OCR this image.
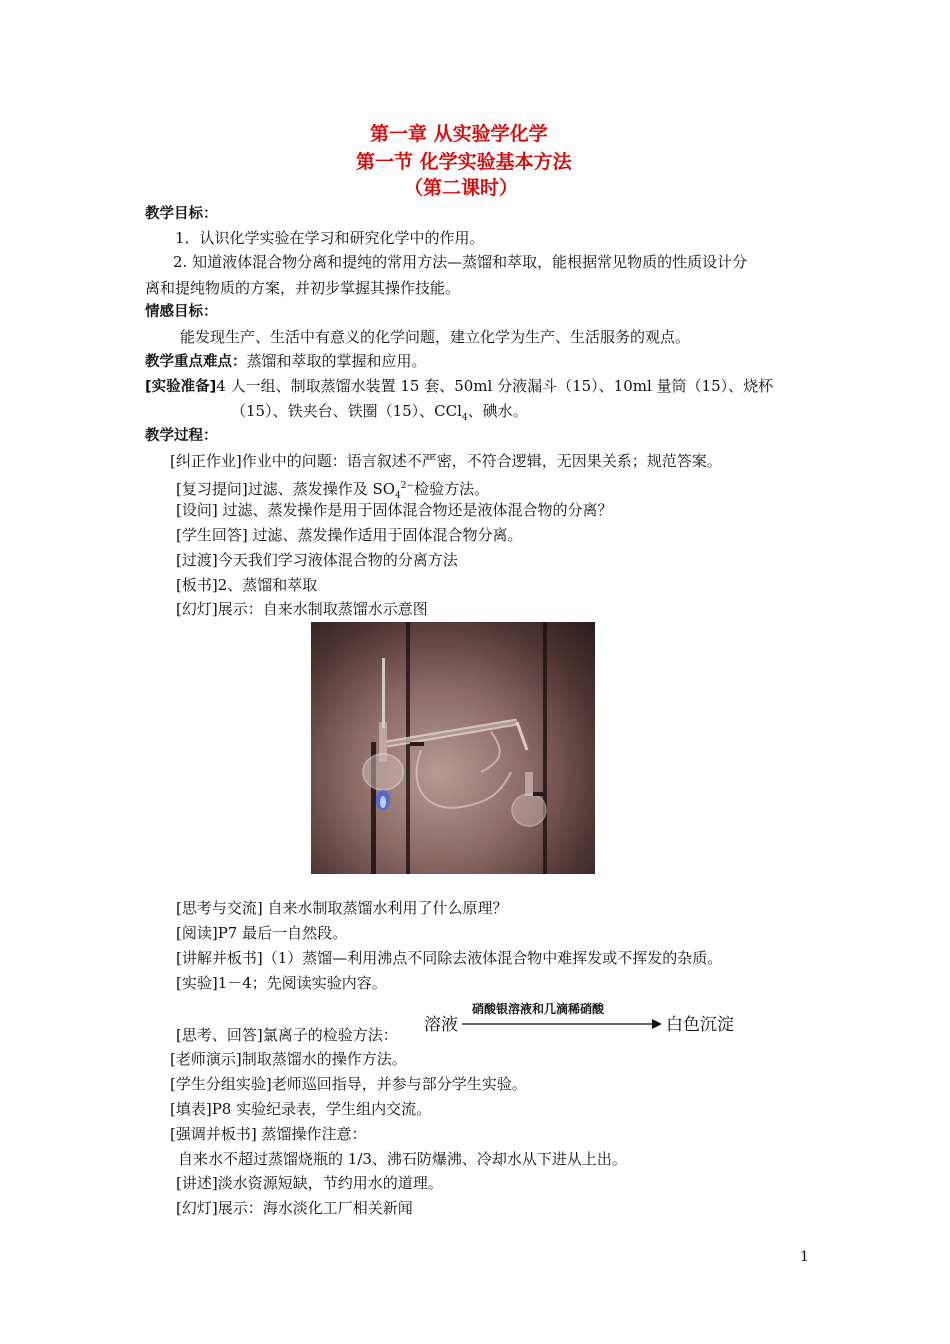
第一章 从实验学化学
第一节 化学实验基本方法
（第二课时）
教学目标：
1．认识化学实验在学习和研究化学中的作用。
2. 知道液体混合物分离和提纯的常用方法—蒸馏和萃取，能根据常见物质的性质设计分
离和提纯物质的方案，并初步掌握其操作技能。
情感目标：
能发现生产、生活中有意义的化学问题，建立化学为生产、生活服务的观点。
教学重点难点：蒸馏和萃取的掌握和应用。
[实验准备]4 人一组、制取蒸馏水装置 15 套、50ml 分液漏斗（15）、10ml 量筒（15）、烧杯
（15）、铁夹台、铁圈（15）、CCl$_4$、碘水。
教学过程：
[纠正作业]作业中的问题：语言叙述不严密，不符合逻辑，无因果关系；规范答案。
[复习提问]过滤、蒸发操作及 $SO_4^{2-}$检验方法。
[设问] 过滤、蒸发操作是用于固体混合物还是液体混合物的分离？
[学生回答] 过滤、蒸发操作适用于固体混合物分离。
[过渡]今天我们学习液体混合物的分离方法
[板书]2、蒸馏和萃取
[幻灯]展示：自来水制取蒸馏水示意图
[思考与交流] 自来水制取蒸馏水利用了什么原理？
[阅读]P7 最后一自然段。
[讲解并板书]（1）蒸馏—利用沸点不同除去液体混合物中难挥发或不挥发的杂质。
[实验]1－4；先阅读实验内容。
溶液
硝酸银溶液和几滴稀硝酸
白色沉淀
[思考、回答]氯离子的检验方法：
[老师演示]制取蒸馏水的操作方法。
[学生分组实验]老师巡回指导，并参与部分学生实验。
[填表]P8 实验纪录表，学生组内交流。
[强调并板书] 蒸馏操作注意：
自来水不超过蒸馏烧瓶的 1/3、沸石防爆沸、冷却水从下进从上出。
[讲述]淡水资源短缺，节约用水的道理。
[幻灯]展示：海水淡化工厂相关新闻
1
